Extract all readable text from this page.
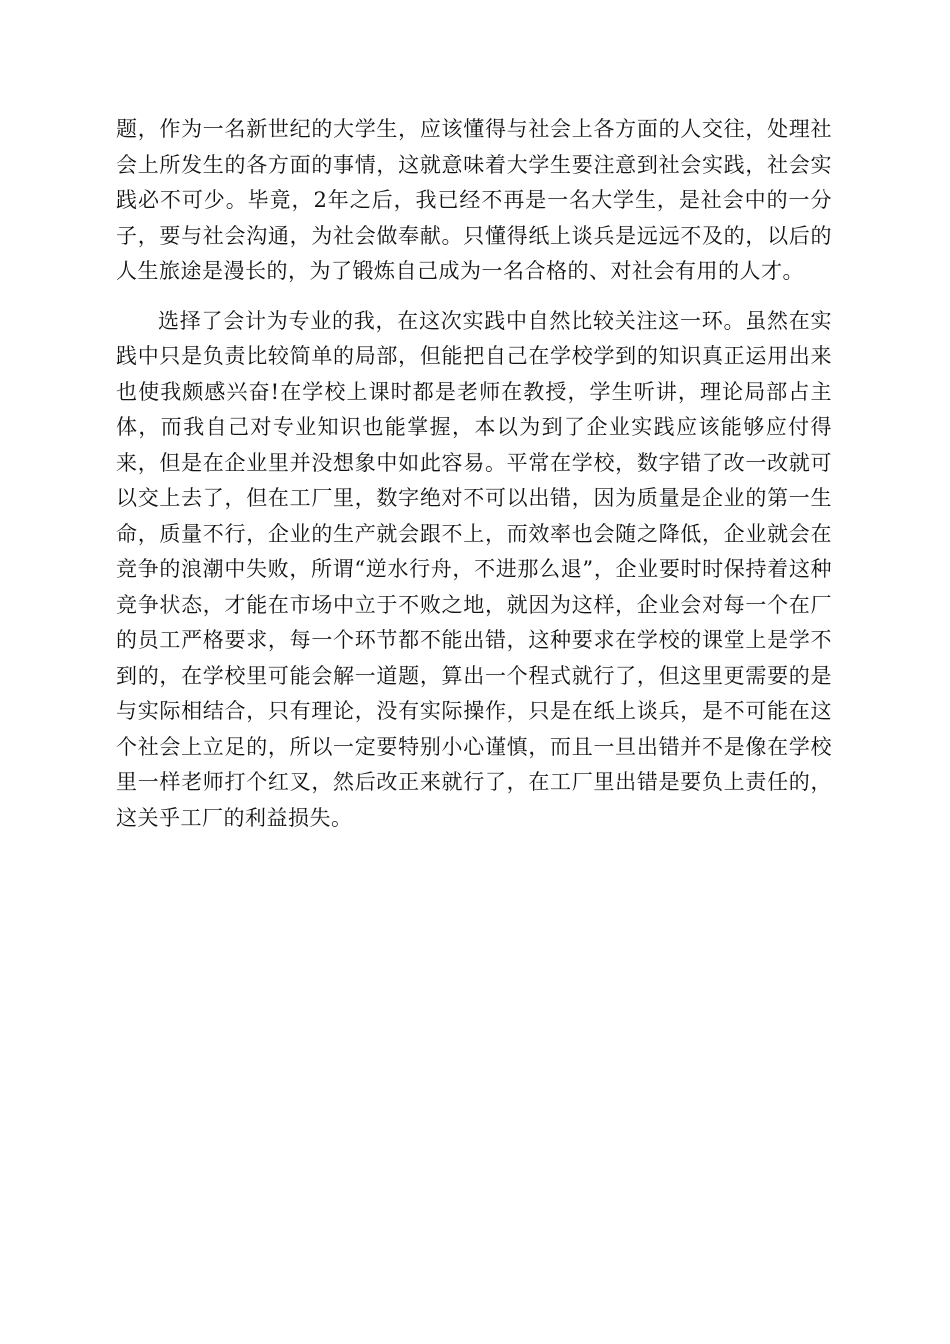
题，作为一名新世纪的大学生，应该懂得与社会上各方面的人交往，处理社会上所发生的各方面的事情，这就意味着大学生要注意到社会实践，社会实践必不可少。毕竟，2年之后，我已经不再是一名大学生，是社会中的一分子，要与社会沟通，为社会做奉献。只懂得纸上谈兵是远远不及的，以后的人生旅途是漫长的，为了锻炼自己成为一名合格的、对社会有用的人才。

选择了会计为专业的我，在这次实践中自然比较关注这一环。虽然在实践中只是负责比较简单的局部，但能把自己在学校学到的知识真正运用出来也使我颇感兴奋!在学校上课时都是老师在教授，学生听讲，理论局部占主体，而我自己对专业知识也能掌握，本以为到了企业实践应该能够应付得来，但是在企业里并没想象中如此容易。平常在学校，数字错了改一改就可以交上去了，但在工厂里，数字绝对不可以出错，因为质量是企业的第一生命，质量不行，企业的生产就会跟不上，而效率也会随之降低，企业就会在竞争的浪潮中失败，所谓“逆水行舟，不进那么退”，企业要时时保持着这种竞争状态，才能在市场中立于不败之地，就因为这样，企业会对每一个在厂的员工严格要求，每一个环节都不能出错，这种要求在学校的课堂上是学不到的，在学校里可能会解一道题，算出一个程式就行了，但这里更需要的是与实际相结合，只有理论，没有实际操作，只是在纸上谈兵，是不可能在这个社会上立足的，所以一定要特别小心谨慎，而且一旦出错并不是像在学校里一样老师打个红叉，然后改正来就行了，在工厂里出错是要负上责任的，这关乎工厂的利益损失。
